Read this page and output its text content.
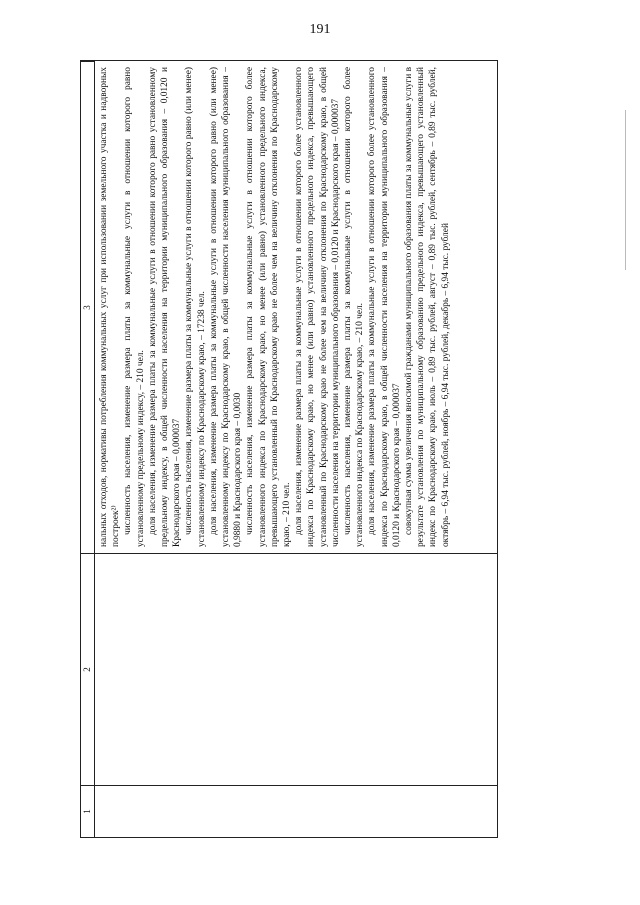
191
1
2
3 нальных отходов, нормативы потребления коммунальных услуг при использовании земельного участка и надворных построек²⁾ численность населения, изменение размера платы за коммунальные услуги в отношении которого равно установленному предельному индексу, – 210 чел. доля населения, изменение размера платы за коммунальные услуги в отношении которого равно установленному предельному индексу, в общей численности населения на территории муниципального образования – 0,0120 и Краснодарского края – 0,000037 численность населения, изменение размера платы за коммунальные услуги в отношении которого равно (или менее) установленному индексу по Краснодарскому краю, – 17238 чел. доля населения, изменение размера платы за коммунальные услуги в отношении которого равно (или менее) установленному индексу по Краснодарскому краю, в общей численности населения муниципального образования – 0,9880 и Краснодарского края – 0,0030 численность населения, изменение размера платы за коммунальные услуги в отношении которого более установленного индекса по Краснодарскому краю, но менее (или равно) установленного предельного индекса, превышающего установленный по Краснодарскому краю не более чем на величину отклонения по Краснодарскому краю, – 210 чел. доля населения, изменение размера платы за коммунальные услуги в отношении которого более установленного индекса по Краснодарскому краю, но менее (или равно) установленного предельного индекса, превышающего установленный по Краснодарскому краю не более чем на величину отклонения по Краснодарскому краю, в общей численности населения на территории муниципального образования – 0,0120 и Краснодарского края – 0,000037 численность населения, изменение размера платы за коммунальные услуги в отношении которого более установленного индекса по Краснодарскому краю, – 210 чел. доля населения, изменение размера платы за коммунальные услуги в отношении которого более установленного индекса по Краснодарскому краю, в общей численности населения на территории муниципального образования – 0,0120 и Краснодарского края – 0,000037 совокупная сумма увеличения вносимой гражданами муниципального образования платы за коммунальные услуги в результате установления по муниципальному образованию предельного индекса, превышающего установленный индекс по Краснодарскому краю, июль – 0,89 тыс. рублей, август – 0,89 тыс. рублей, сентябрь – 0,89 тыс. рублей, октябрь – 6,94 тыс. рублей, ноябрь – 6,94 тыс. рублей, декабрь – 6,94 тыс. рублей
